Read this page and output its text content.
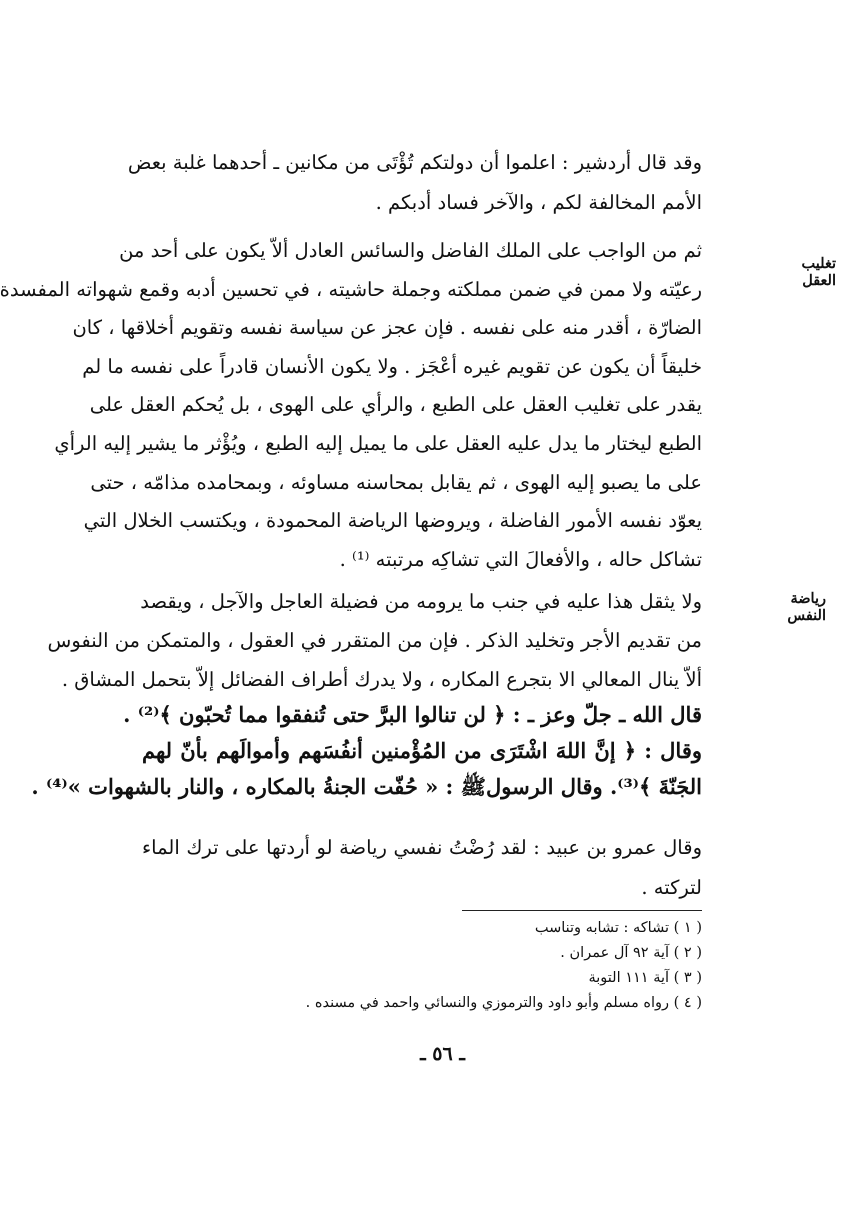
وقد قال أردشير : اعلموا أن دولتكم تُؤْتَى من مكانين ـ أحدهما غلبة بعض
الأمم المخالفة لكم ، والآخر فساد أدبكم .
تغليب العقل
ثم من الواجب على الملك الفاضل والسائس العادل ألاّ يكون على أحد من
رعيّته ولا ممن في ضمن مملكته وجملة حاشيته ، في تحسين أدبه وقمع شهواته المفسدة
الضارّة ، أقدر منه على نفسه . فإن عجز عن سياسة نفسه وتقويم أخلاقها ، كان
خليقاً أن يكون عن تقويم غيره أعْجَز . ولا يكون الأنسان قادراً على نفسه ما لم
يقدر على تغليب العقل على الطبع ، والرأي على الهوى ، بل يُحكم العقل على
الطبع ليختار ما يدل عليه العقل على ما يميل إليه الطبع ، ويُؤْثر ما يشير إليه الرأي
على ما يصبو إليه الهوى ، ثم يقابل بمحاسنه مساوئه ، وبمحامده مذامّه ، حتى
يعوّد نفسه الأمور الفاضلة ، ويروضها الرياضة المحمودة ، ويكتسب الخلال التي
تشاكل حاله ، والأفعالَ التي تشاكِه مرتبته ⁽¹⁾ .
رياضة النفس
ولا يثقل هذا عليه في جنب ما يرومه من فضيلة العاجل والآجل ، ويقصد
من تقديم الأجر وتخليد الذكر . فإن من المتقرر في العقول ، والمتمكن من النفوس
ألاّ ينال المعالي الا بتجرع المكاره ، ولا يدرك أطراف الفضائل إلاّ بتحمل المشاق .
قال الله ـ جلّ وعز ـ : ﴿ لن تنالوا البرَّ حتى تُنفقوا مما تُحبّون ﴾⁽²⁾ .
وقال : ﴿ إنَّ اللهَ اشْتَرَى من المُؤْمنين أنفُسَهم وأموالَهم بأنّ لهم
الجَنّةَ ﴾⁽³⁾. وقال الرسولﷺ : « حُفّت الجنةُ بالمكاره ، والنار بالشهوات »⁽⁴⁾ .
وقال عمرو بن عبيد : لقد رُضْتُ نفسي رياضة لو أردتها على ترك الماء
لتركته .
( ١ ) تشاكه : تشابه وتناسب
( ٢ ) آية ٩٢ آل عمران .
( ٣ ) آية ١١١ التوبة
( ٤ ) رواه مسلم وأبو داود والترموزي والنسائي واحمد في مسنده .
ـ ٥٦ ـ
